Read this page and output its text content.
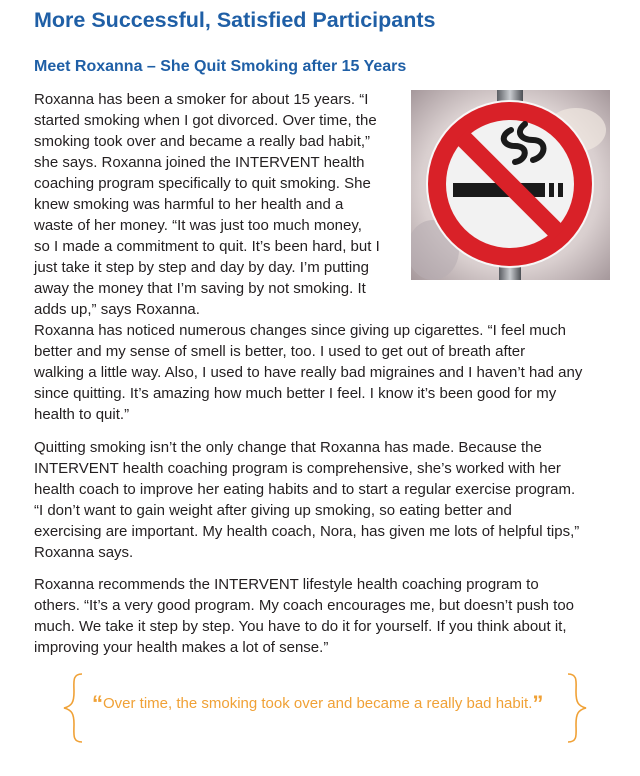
More Successful, Satisfied Participants
Meet Roxanna – She Quit Smoking after 15 Years
Roxanna has been a smoker for about 15 years. “I
started smoking when I got divorced. Over time, the
smoking took over and became a really bad habit,”
she says. Roxanna joined the INTERVENT health
coaching program specifically to quit smoking. She
knew smoking was harmful to her health and a
waste of her money. “It was just too much money,
so I made a commitment to quit. It’s been hard, but I
just take it step by step and day by day. I’m putting
away the money that I’m saving by not smoking. It
adds up,” says Roxanna.
Roxanna has noticed numerous changes since giving up cigarettes. “I feel much
better and my sense of smell is better, too. I used to get out of breath after
walking a little way. Also, I used to have really bad migraines and I haven’t had any
since quitting. It’s amazing how much better I feel. I know it’s been good for my
health to quit.”
Quitting smoking isn’t the only change that Roxanna has made. Because the
INTERVENT health coaching program is comprehensive, she’s worked with her
health coach to improve her eating habits and to start a regular exercise program.
“I don’t want to gain weight after giving up smoking, so eating better and
exercising are important. My health coach, Nora, has given me lots of helpful tips,”
Roxanna says.
Roxanna recommends the INTERVENT lifestyle health coaching program to
others. “It’s a very good program. My coach encourages me, but doesn’t push too
much. We take it step by step. You have to do it for yourself. If you think about it,
improving your health makes a lot of sense.”

“Over time, the smoking took over and became a really bad habit.”
